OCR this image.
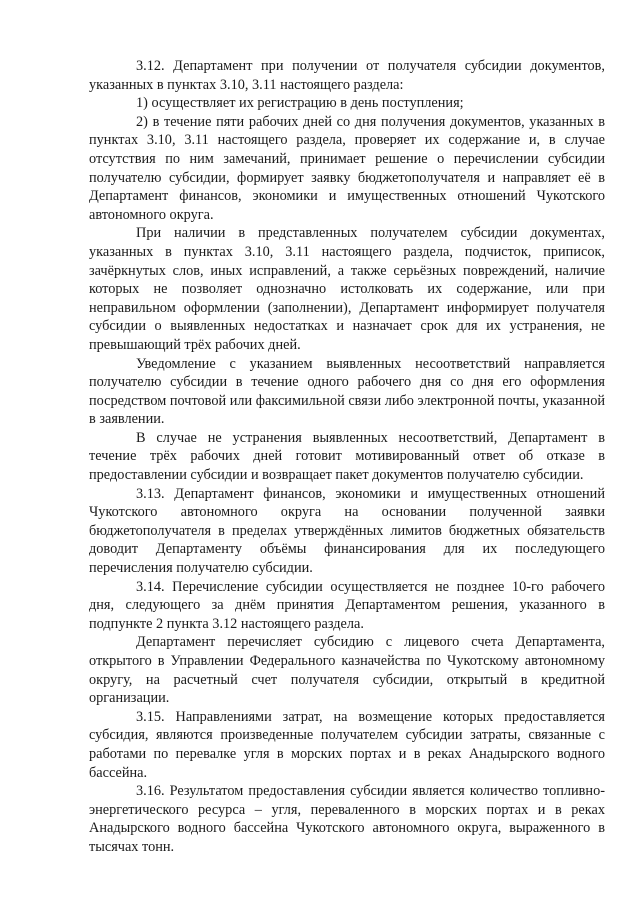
3.12. Департамент при получении от получателя субсидии документов, указанных в пунктах 3.10, 3.11 настоящего раздела:

1) осуществляет их регистрацию в день поступления;

2) в течение пяти рабочих дней со дня получения документов, указанных в пунктах 3.10, 3.11 настоящего раздела, проверяет их содержание и, в случае отсутствия по ним замечаний, принимает решение о перечислении субсидии получателю субсидии, формирует заявку бюджетополучателя и направляет её в Департамент финансов, экономики и имущественных отношений Чукотского автономного округа.

При наличии в представленных получателем субсидии документах, указанных в пунктах 3.10, 3.11 настоящего раздела, подчисток, приписок, зачёркнутых слов, иных исправлений, а также серьёзных повреждений, наличие которых не позволяет однозначно истолковать их содержание, или при неправильном оформлении (заполнении), Департамент информирует получателя субсидии о выявленных недостатках и назначает срок для их устранения, не превышающий трёх рабочих дней.

Уведомление с указанием выявленных несоответствий направляется получателю субсидии в течение одного рабочего дня со дня его оформления посредством почтовой или факсимильной связи либо электронной почты, указанной в заявлении.

В случае не устранения выявленных несоответствий, Департамент в течение трёх рабочих дней готовит мотивированный ответ об отказе в предоставлении субсидии и возвращает пакет документов получателю субсидии.

3.13. Департамент финансов, экономики и имущественных отношений Чукотского автономного округа на основании полученной заявки бюджетополучателя в пределах утверждённых лимитов бюджетных обязательств доводит Департаменту объёмы финансирования для их последующего перечисления получателю субсидии.

3.14. Перечисление субсидии осуществляется не позднее 10-го рабочего дня, следующего за днём принятия Департаментом решения, указанного в подпункте 2 пункта 3.12 настоящего раздела.

Департамент перечисляет субсидию с лицевого счета Департамента, открытого в Управлении Федерального казначейства по Чукотскому автономному округу, на расчетный счет получателя субсидии, открытый в кредитной организации.

3.15. Направлениями затрат, на возмещение которых предоставляется субсидия, являются произведенные получателем субсидии затраты, связанные с работами по перевалке угля в морских портах и в реках Анадырского водного бассейна.

3.16. Результатом предоставления субсидии является количество топливно-энергетического ресурса – угля, переваленного в морских портах и в реках Анадырского водного бассейна Чукотского автономного округа, выраженного в тысячах тонн.
